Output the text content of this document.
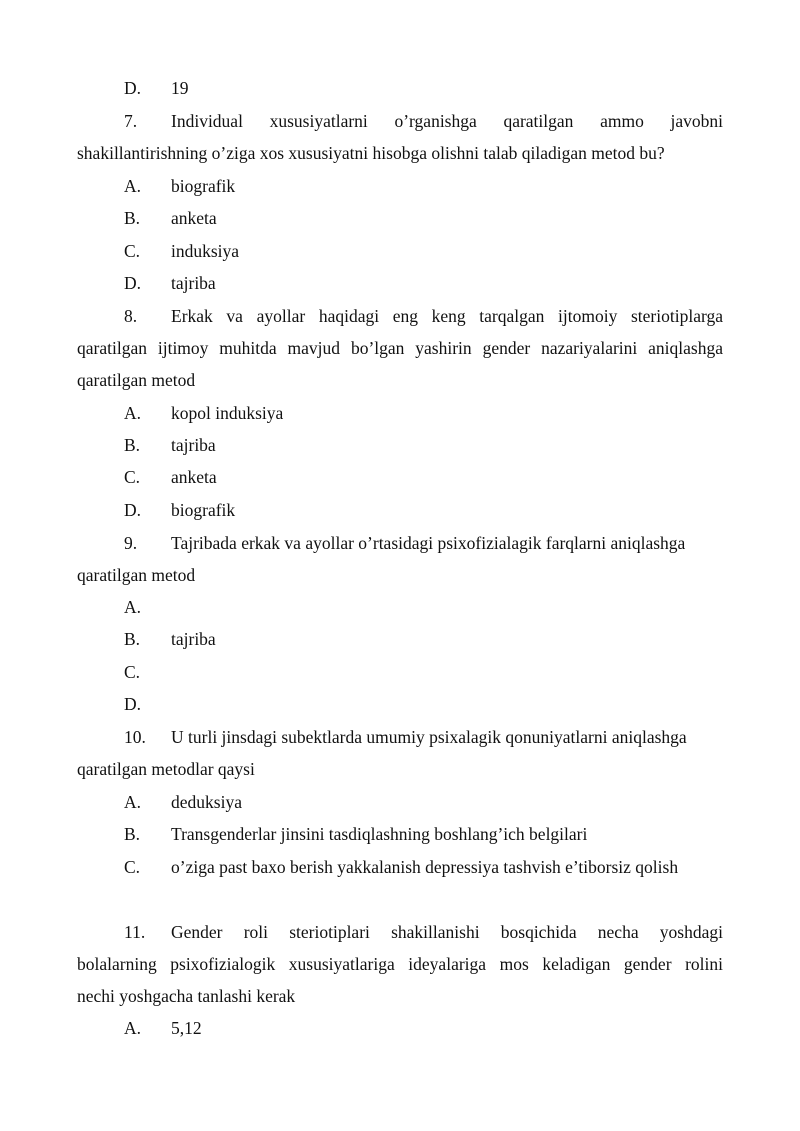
D. 19
7. Individual xususiyatlarni o’rganishga qaratilgan ammo javobni
shakillantirishning o’ziga xos xususiyatni hisobga olishni talab qiladigan metod bu?
A. biografik
B. anketa
C. induksiya
D. tajriba
8. Erkak va ayollar haqidagi eng keng tarqalgan ijtomoiy steriotiplarga
qaratilgan ijtimoy muhitda mavjud bo’lgan yashirin gender nazariyalarini aniqlashga
qaratilgan metod
A. kopol induksiya
B. tajriba
C. anketa
D. biografik
9. Tajribada erkak va ayollar o’rtasidagi psixofizialagik farqlarni aniqlashga
qaratilgan metod
A.
B. tajriba
C.
D.
10. U turli jinsdagi subektlarda umumiy psixalagik qonuniyatlarni aniqlashga
qaratilgan metodlar qaysi
A. deduksiya
B. Transgenderlar jinsini tasdiqlashning boshlang’ich belgilari
C. o’ziga past baxo berish yakkalanish depressiya tashvish e’tiborsiz qolish
11. Gender roli steriotiplari shakillanishi bosqichida necha yoshdagi
bolalarning psixofizialogik xususiyatlariga ideyalariga mos keladigan gender rolini
nechi yoshgacha tanlashi kerak
A. 5,12
